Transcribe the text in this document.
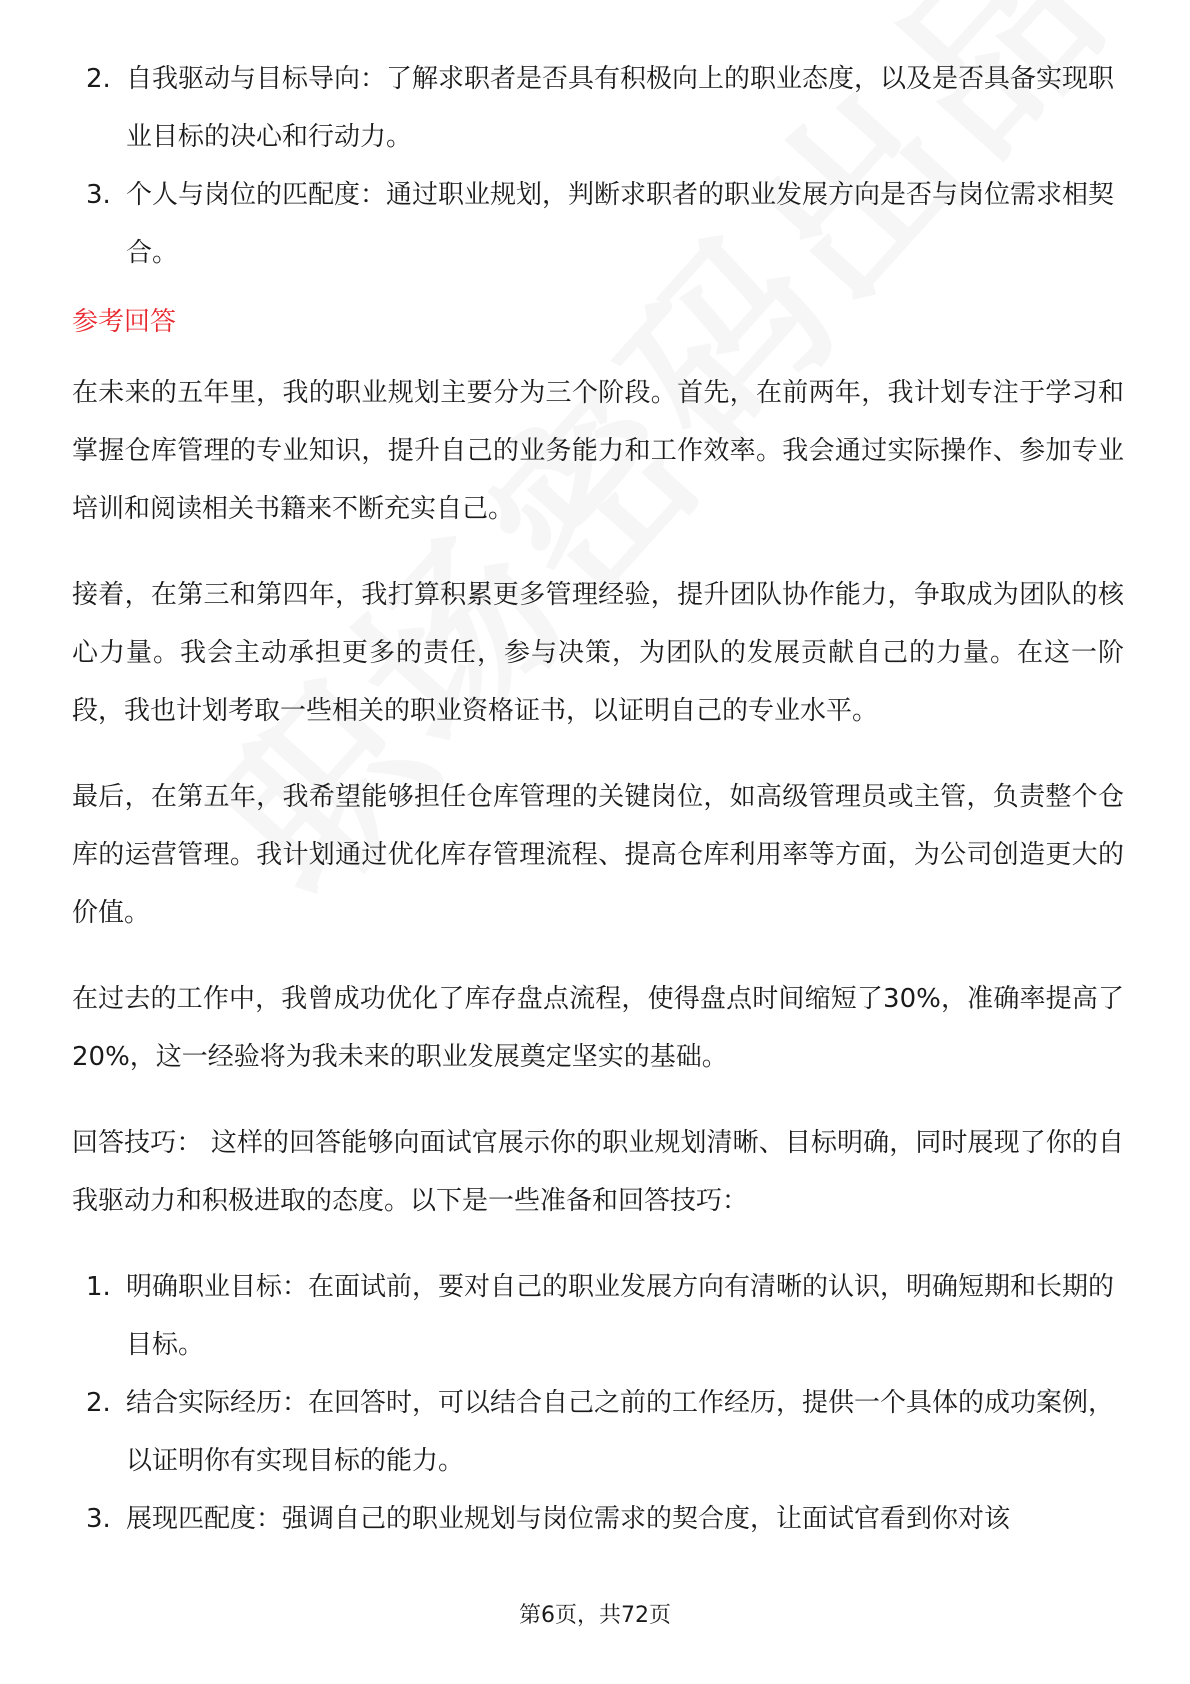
2. 自我驱动与目标导向：了解求职者是否具有积极向上的职业态度，以及是否具备实现职业目标的决心和行动力。
3. 个人与岗位的匹配度：通过职业规划，判断求职者的职业发展方向是否与岗位需求相契合。
参考回答

在未来的五年里，我的职业规划主要分为三个阶段。首先，在前两年，我计划专注于学习和掌握仓库管理的专业知识，提升自己的业务能力和工作效率。我会通过实际操作、参加专业培训和阅读相关书籍来不断充实自己。

接着，在第三和第四年，我打算积累更多管理经验，提升团队协作能力，争取成为团队的核心力量。我会主动承担更多的责任，参与决策，为团队的发展贡献自己的力量。在这一阶段，我也计划考取一些相关的职业资格证书，以证明自己的专业水平。

最后，在第五年，我希望能够担任仓库管理的关键岗位，如高级管理员或主管，负责整个仓库的运营管理。我计划通过优化库存管理流程、提高仓库利用率等方面，为公司创造更大的价值。

在过去的工作中，我曾成功优化了库存盘点流程，使得盘点时间缩短了30%，准确率提高了20%，这一经验将为我未来的职业发展奠定坚实的基础。

回答技巧： 这样的回答能够向面试官展示你的职业规划清晰、目标明确，同时展现了你的自我驱动力和积极进取的态度。以下是一些准备和回答技巧：

1. 明确职业目标：在面试前，要对自己的职业发展方向有清晰的认识，明确短期和长期的目标。
2. 结合实际经历：在回答时，可以结合自己之前的工作经历，提供一个具体的成功案例，以证明你有实现目标的能力。
3. 展现匹配度：强调自己的职业规划与岗位需求的契合度，让面试官看到你对该
第6页，共72页
